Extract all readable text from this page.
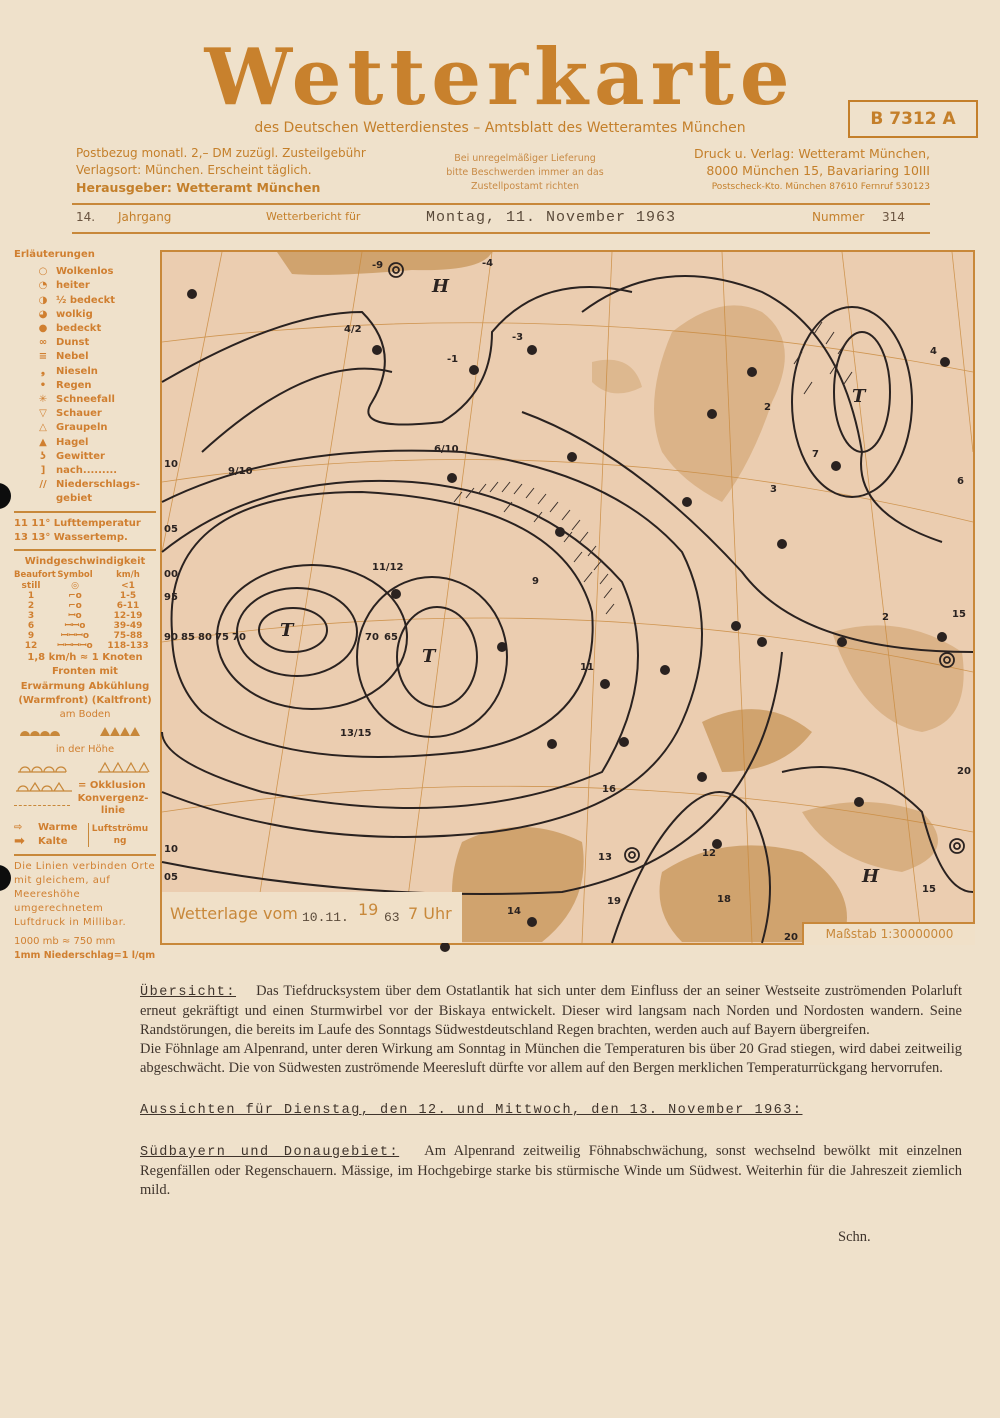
Wetterkarte
des Deutschen Wetterdienstes – Amtsblatt des Wetteramtes München	B 7312 A
Postbezug monatl. 2,– DM zuzügl. Zusteilgebühr
Verlagsort: München. Erscheint täglich.
Herausgeber: Wetteramt München
Bei unregelmäßiger Lieferung
bitte Beschwerden immer an das
Zustellpostamt richten
Druck u. Verlag: Wetteramt München,
8000 München 15, Bavariaring 10III
Postscheck-Kto. München 87610 Fernruf 530123
14. Jahrgang	Wetterbericht für	Montag, 11. November 1963	Nummer 314
Erläuterungen
○ Wolkenlos
◔ heiter
◑ ½ bedeckt
◕ wolkig
● bedeckt
∞ Dunst
≡ Nebel
❟	Nieseln
• Regen
✳ Schneefall
▽ Schauer
△ Graupeln
▲ Hagel
ʖ	Gewitter
]	nach.........
// Niederschlags-gebiet
11 11° Lufttemperatur
13 13° Wassertemp.
Windgeschwindigkeit
Beaufort Symbol	km/h
still	◎	<1
1	⌐o	1-5
2	⌐o	6-11
3	ꟷo	12-19
6	ꟷꟷo	39-49
9	ꟷꟷꟷo	75-88
12	ꟷꟷꟷꟷo	118-133
1,8 km/h ≈ 1 Knoten
Fronten mit
Erwärmung Abkühlung
(Warmfront) (Kaltfront)
am Boden
in der Höhe
= Okklusion
Konvergenz-linie
⇨	Warme
➡	Kalte
Luftströmung
Die Linien verbinden Orte mit gleichem, auf Meereshöhe umgerechnetem Luftdruck in Millibar.
1000 mb ≈ 750 mm
1mm Niederschlag=1 l/qm
T
T
T
H
H
90 85 80 75 70	70 65
05
95
00
10
05
10
15
20
20
-9	-4
-3
-1
4/2
9/10
6/10
11/12
13/15
9
11
16
14
13	12
19	18
15
2
4
6
2
3
7
Wetterlage vom 10.11. 19 63 7 Uhr
Maßstab 1:30000000

Übersicht: Das Tiefdrucksystem über dem Ostatlantik hat sich unter dem Einfluss der an seiner Westseite zuströmenden Polarluft erneut gekräftigt und einen Sturmwirbel vor der Biskaya entwickelt. Dieser wird langsam nach Norden und Nordosten wandern. Seine Randstörungen, die bereits im Laufe des Sonntags Südwestdeutschland Regen brachten, werden auch auf Bayern übergreifen.

Die Föhnlage am Alpenrand, unter deren Wirkung am Sonntag in München die Temperaturen bis über 20 Grad stiegen, wird dabei zeitweilig abgeschwächt. Die von Südwesten zuströmende Meeresluft dürfte vor allem auf den Bergen merklichen Temperaturrückgang hervorrufen.

Aussichten für Dienstag, den 12. und Mittwoch, den 13. November 1963:

Südbayern und Donaugebiet: Am Alpenrand zeitweilig Föhnabschwächung, sonst wechselnd bewölkt mit einzelnen Regenfällen oder Regenschauern. Mässige, im Hochgebirge starke bis stürmische Winde um Südwest. Weiterhin für die Jahreszeit ziemlich mild.

Schn.
